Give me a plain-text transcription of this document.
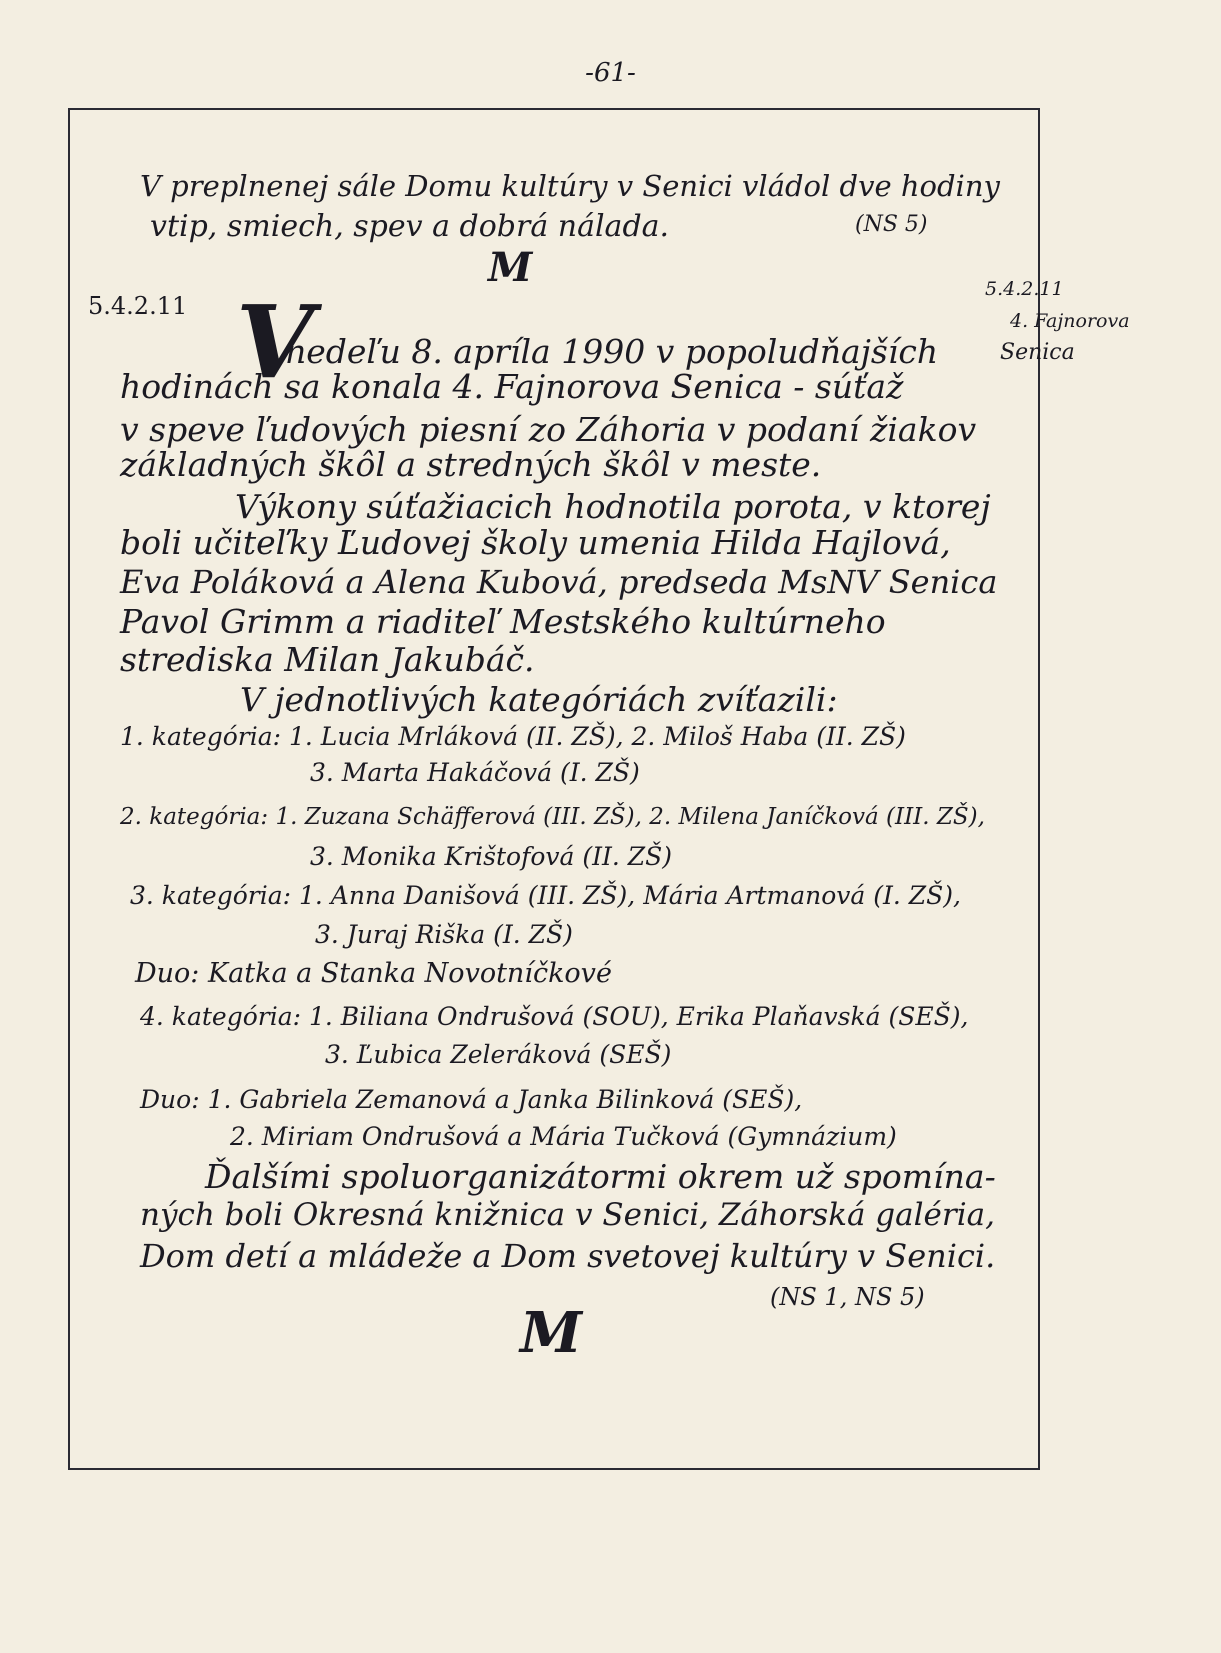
-61-
V preplnenej sále Domu kultúry v Senici vládol dve hodiny
vtip, smiech, spev a dobrá nálada.	(NS 5)
M
5.4.2.11
5.4.2.11
4. Fajnorova
Senica
V
nedeľu 8. apríla 1990 v popoludňajších
hodinách sa konala 4. Fajnorova Senica - súťaž
v speve ľudových piesní zo Záhoria v podaní žiakov
základných škôl a stredných škôl v meste.
Výkony súťažiacich hodnotila porota, v ktorej
boli učiteľky Ľudovej školy umenia Hilda Hajlová,
Eva Poláková a Alena Kubová, predseda MsNV Senica
Pavol Grimm a riaditeľ Mestského kultúrneho
strediska Milan Jakubáč.
V jednotlivých kategóriách zvíťazili:
1. kategória: 1. Lucia Mrláková (II. ZŠ), 2. Miloš Haba (II. ZŠ)
3. Marta Hakáčová (I. ZŠ)
2. kategória: 1. Zuzana Schäfferová (III. ZŠ), 2. Milena Janíčková (III. ZŠ),
3. Monika Krištofová (II. ZŠ)
3. kategória: 1. Anna Danišová (III. ZŠ), Mária Artmanová (I. ZŠ),
3. Juraj Riška (I. ZŠ)
Duo: Katka a Stanka Novotníčkové
4. kategória: 1. Biliana Ondrušová (SOU), Erika Plaňavská (SEŠ),
3. Ľubica Zeleráková (SEŠ)
Duo: 1. Gabriela Zemanová a Janka Bilinková (SEŠ),
2. Miriam Ondrušová a Mária Tučková (Gymnázium)
Ďalšími spoluorganizátormi okrem už spomína-
ných boli Okresná knižnica v Senici, Záhorská galéria,
Dom detí a mládeže a Dom svetovej kultúry v Senici.
(NS 1, NS 5)
M
